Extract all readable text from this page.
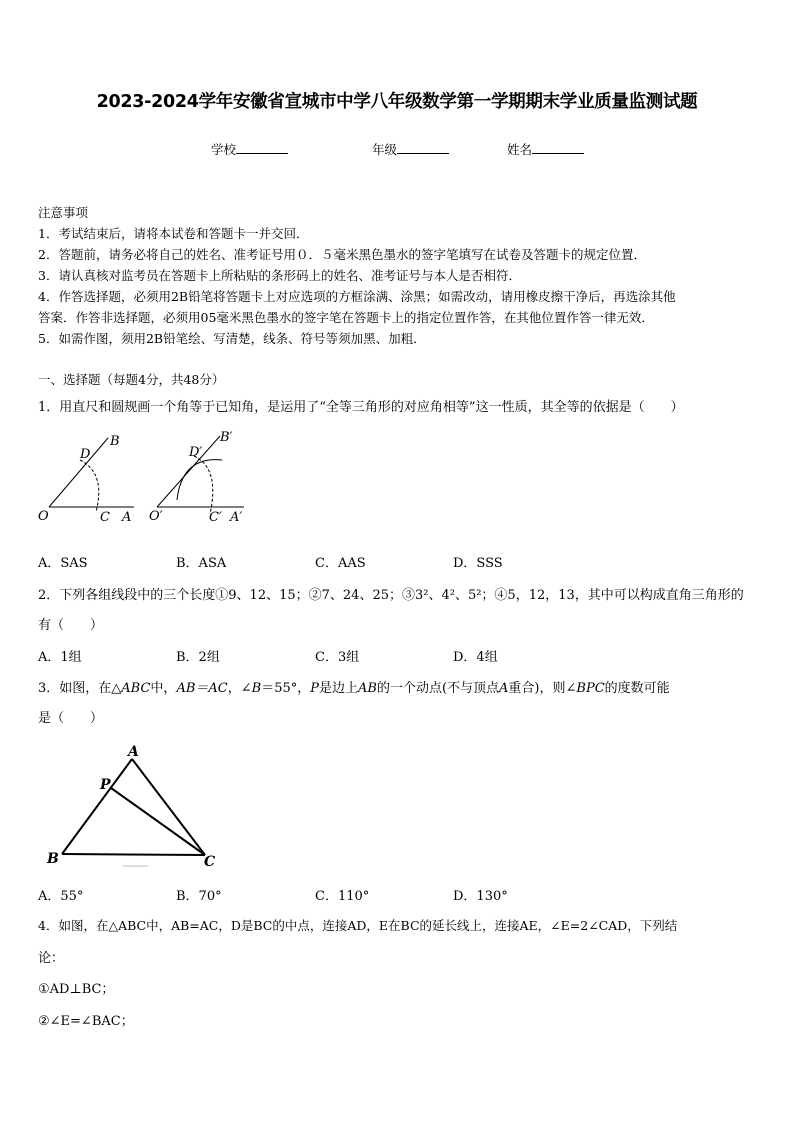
2023-2024学年安徽省宣城市中学八年级数学第一学期期末学业质量监测试题
学校	年级	姓名
注意事项
1．考试结束后，请将本试卷和答题卡一并交回．
2．答题前，请务必将自己的姓名、准考证号用０．５毫米黑色墨水的签字笔填写在试卷及答题卡的规定位置．
3．请认真核对监考员在答题卡上所粘贴的条形码上的姓名、准考证号与本人是否相符．
4．作答选择题，必须用2B铅笔将答题卡上对应选项的方框涂满、涂黑；如需改动，请用橡皮擦干净后，再选涂其他
答案．作答非选择题，必须用05毫米黑色墨水的签字笔在答题卡上的指定位置作答，在其他位置作答一律无效．
5．如需作图，须用2B铅笔绘、写清楚，线条、符号等须加黑、加粗．
一、选择题（每题4分，共48分）
1．用直尺和圆规画一个角等于已知角，是运用了“全等三角形的对应角相等”这一性质，其全等的依据是（　　）
B
D
O	C A
B′
D′
O′	C′ A′
A．SAS	B．ASA	C．AAS	D．SSS
2．下列各组线段中的三个长度①9、12、15；②7、24、25；③3²、4²、5²；④5，12，13，其中可以构成直角三角形的
有（　　）
A．1组	B．2组	C．3组	D．4组
3．如图，在△ABC中，AB＝AC，∠B＝55°，P是边上AB的一个动点(不与顶点A重合)，则∠BPC的度数可能
是（　　）
A
P
B	C
A．55°	B．70°	C．110°	D．130°
4．如图，在△ABC中，AB=AC，D是BC的中点，连接AD，E在BC的延长线上，连接AE，∠E=2∠CAD，下列结
论：
①AD⊥BC；
②∠E=∠BAC；
